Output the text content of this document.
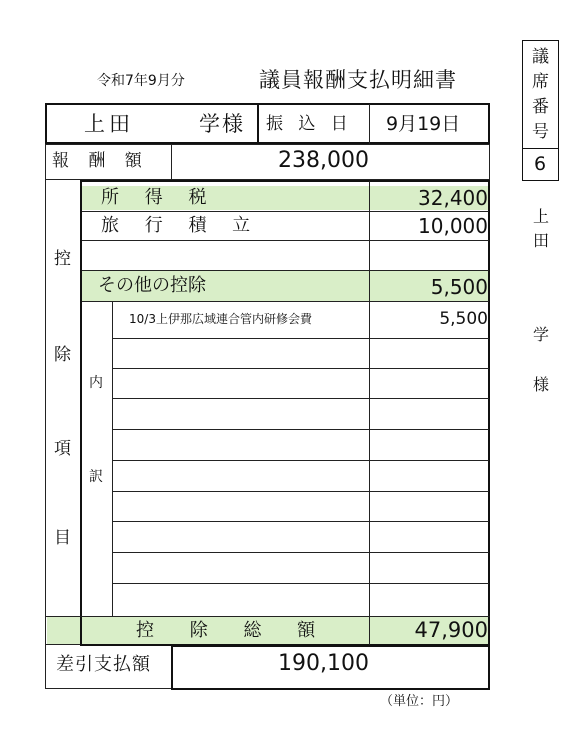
令和7年9月分	議員報酬支払明細書
上田	学様 振 込 日 9月19日
報 酬 額	238,000
控
除
項
目
所 得 税	32,400
旅 行 積 立	10,000
その他の控除	5,500
内
訳
10/3上伊那広域連合管内研修会費	5,500
控 除 総 額	47,900
差引支払額	190,100
（単位：円）
議席番号
6
上
田
学
様
